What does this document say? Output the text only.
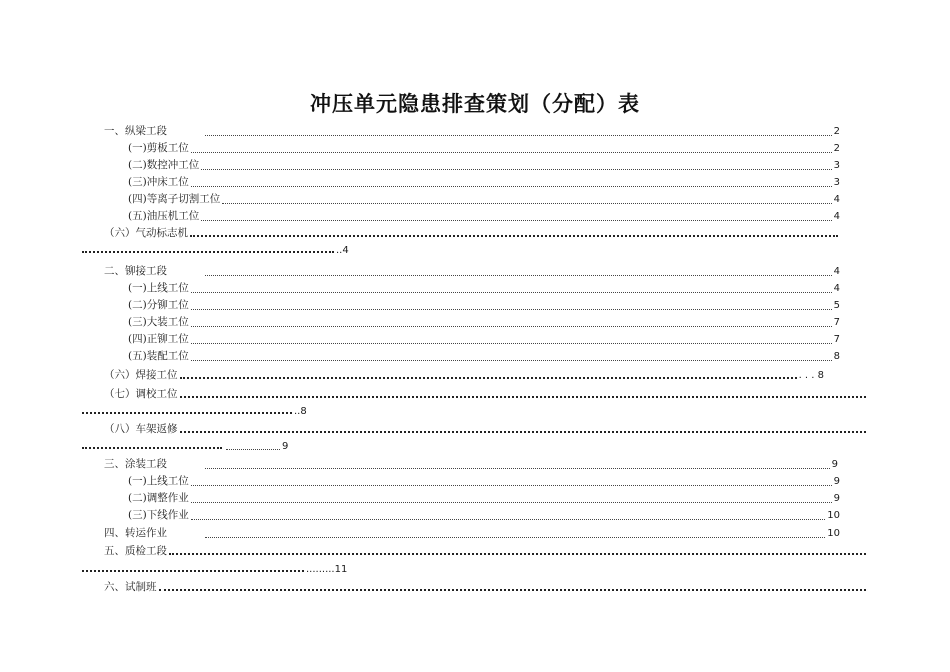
冲压单元隐患排查策划（分配）表
一、纵梁工段	2
(一)剪板工位	2
(二)数控冲工位	3
(三)冲床工位	3
(四)等离子切割工位	4
(五)油压机工位	4
（六）气动标志机
..4
二、铆接工段	4
(一)上线工位	4
(二)分铆工位	5
(三)大装工位	7
(四)正铆工位	7
(五)装配工位	8
（六）焊接工位	. . . 8
（七）调校工位
..8
（八）车架返修
9
三、涂装工段	9
(一)上线工位	9
(二)调整作业	9
(三)下线作业	10
四、转运作业	10
五、质检工段
.........11
六、试制班
